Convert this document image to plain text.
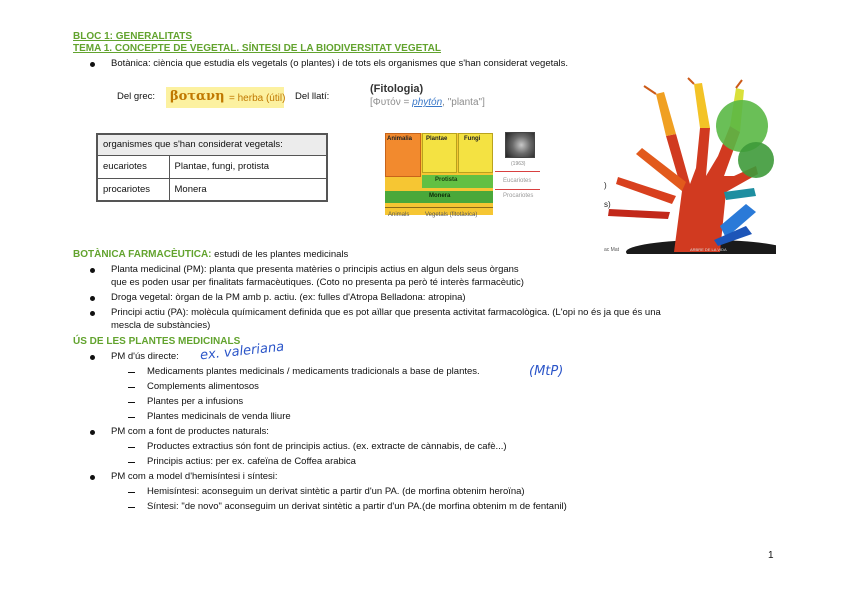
BLOC 1: GENERALITATS
TEMA 1. CONCEPTE DE VEGETAL. SÍNTESI DE LA BIODIVERSITAT VEGETAL
Botànica: ciència que estudia els vegetals (o plantes) i de tots els organismes que s'han considerat vegetals.
Del grec: βοτανη = herba (útil) Del llatí:
(Fitologia)
[Φυτόν = phytón, "planta"]
organismes que s'han considerat vegetals:	
eucariotes	Plantae, fungi, protista
procariotes	Monera
Animalia Plantae	Fungi
Protista
Monera
Eucariotes
Procariotes
Animals	Vegetals (fitotàxica)
(1963)
)
s)
ac Mat	ARBRE DE LA VIDA
BOTÀNICA FARMACÈUTICA: estudi de les plantes medicinals
Planta medicinal (PM): planta que presenta matèries o principis actius en algun dels seus òrgans
que es poden usar per finalitats farmacèutiques. (Coto no presenta pa però té interès farmacèutic)
Droga vegetal: òrgan de la PM amb p. actiu. (ex: fulles d'Atropa Belladona: atropina)
Principi actiu (PA): molècula químicament definida que es pot aïllar que presenta activitat farmacològica. (L'opi no és ja que és una
mescla de substàncies)
ÚS DE LES PLANTES MEDICINALS
PM d'ús directe: ex. valeriana
Medicaments plantes medicinals / medicaments tradicionals a base de plantes.	(MtP)
Complements alimentosos
Plantes per a infusions
Plantes medicinals de venda lliure
PM com a font de productes naturals:
Productes extractius són font de principis actius. (ex. extracte de cànnabis, de cafè...)
Principis actius: per ex. cafeïna de Coffea arabica
PM com a model d'hemisíntesi i síntesi:
Hemisíntesi: aconseguim un derivat sintètic a partir d'un PA. (de morfina obtenim heroïna)
Síntesi: "de novo" aconseguim un derivat sintètic a partir d'un PA.(de morfina obtenim m de fentanil)
1
